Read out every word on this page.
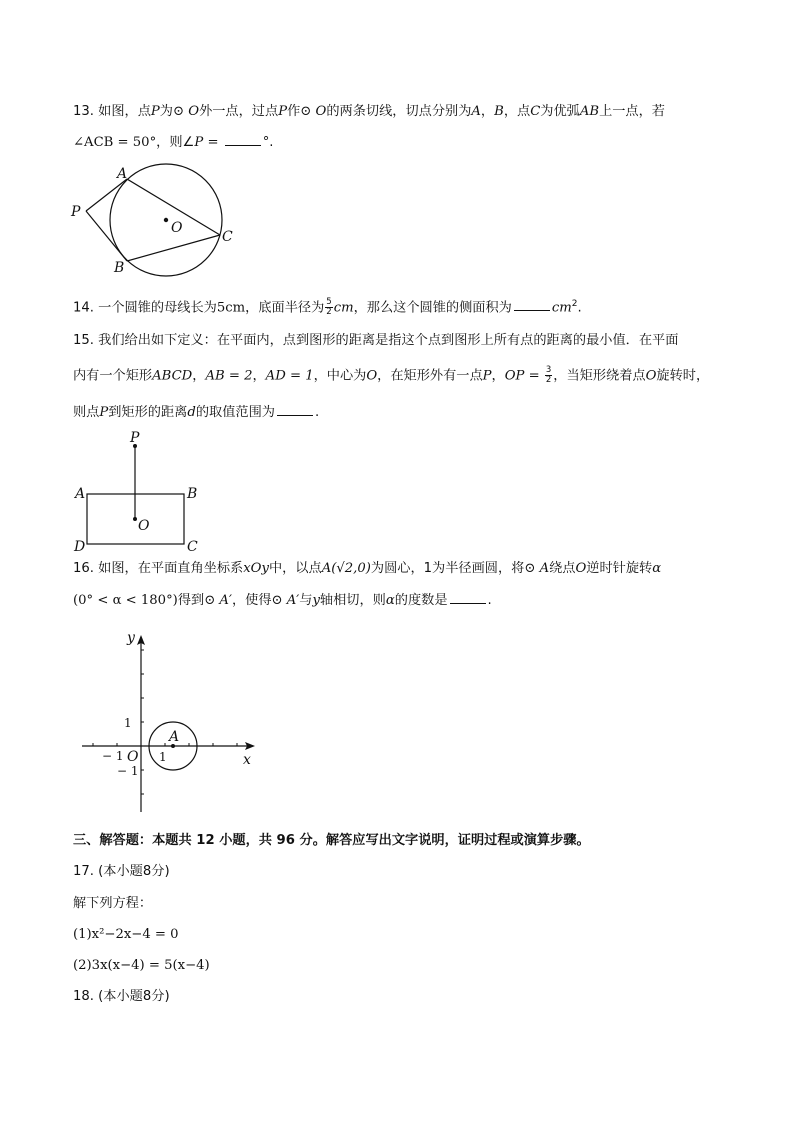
13. 如图，点P为⊙ O外一点，过点P作⊙ O的两条切线，切点分别为A，B，点C为优弧AB上一点，若
∠ACB = 50°，则∠P =	°.
P
A
O
C
B
14. 一个圆锥的母线长为5cm，底面半径为 $\frac{5}{2}$ cm，那么这个圆锥的侧面积为	$cm^2$.
15. 我们给出如下定义：在平面内，点到图形的距离是指这个点到图形上所有点的距离的最小值．在平面
内有一个矩形ABCD，AB = 2，AD = 1，中心为O，在矩形外有一点P，OP = $\frac{3}{2}$ ，当矩形绕着点O旋转时，
则点P到矩形的距离d的取值范围为	.
P
A	B
O
D	C
16. 如图，在平面直角坐标系xOy中，以点A(√2,0)为圆心，1为半径画圆，将⊙ A绕点O逆时针旋转α
(0° < α < 180°)得到⊙ A′，使得⊙ A′与y轴相切，则α的度数是	.
y
x
1
− 1 O
− 1
1
A
三、解答题：本题共 12 小题，共 96 分。解答应写出文字说明，证明过程或演算步骤。
17. (本小题8分)
解下列方程：
(1)x²−2x−4 = 0
(2)3x(x−4) = 5(x−4)
18. (本小题8分)
